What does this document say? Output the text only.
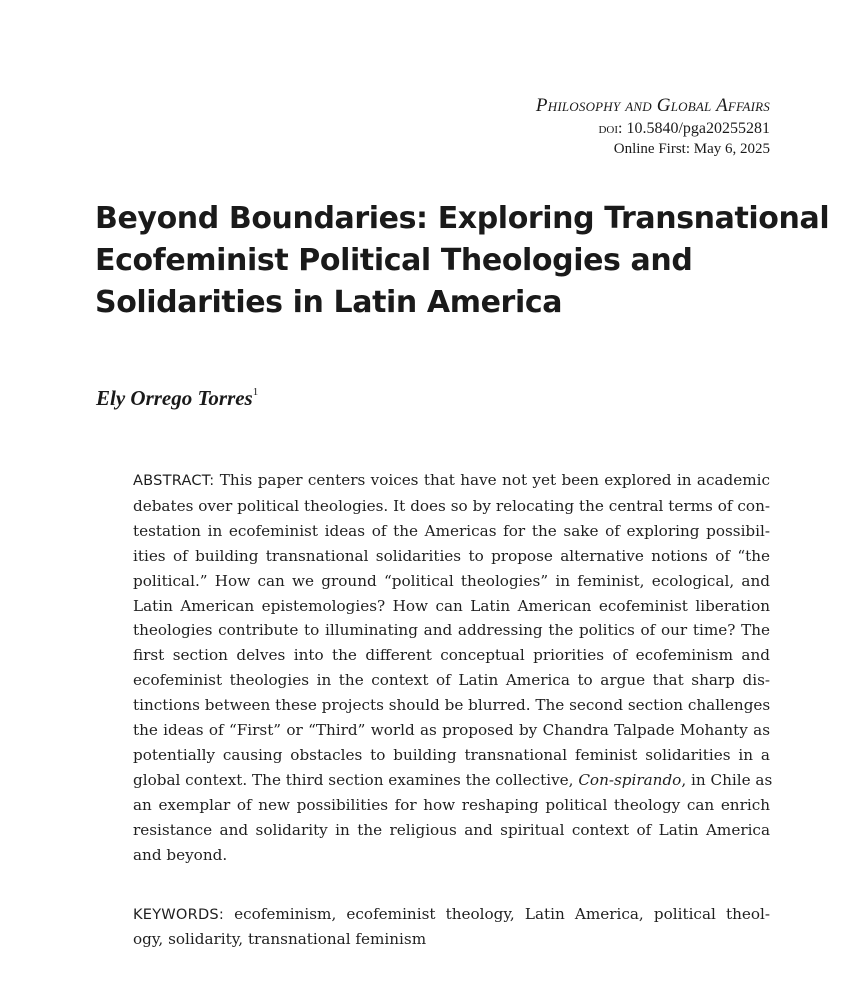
Philosophy and Global Affairs
doi: 10.5840/pga20255281
Online First: May 6, 2025
Beyond Boundaries: Exploring Transnational
Ecofeminist Political Theologies and
Solidarities in Latin America
Ely Orrego Torres$^1$
ABSTRACT: This paper centers voices that have not yet been explored in academic
debates over political theologies. It does so by relocating the central terms of con-
testation in ecofeminist ideas of the Americas for the sake of exploring possibil-
ities of building transnational solidarities to propose alternative notions of “the
political.” How can we ground “political theologies” in feminist, ecological, and
Latin American epistemologies? How can Latin American ecofeminist liberation
theologies contribute to illuminating and addressing the politics of our time? The
first section delves into the different conceptual priorities of ecofeminism and
ecofeminist theologies in the context of Latin America to argue that sharp dis-
tinctions between these projects should be blurred. The second section challenges
the ideas of “First” or “Third” world as proposed by Chandra Talpade Mohanty as
potentially causing obstacles to building transnational feminist solidarities in a
global context. The third section examines the collective, Con-spirando, in Chile as
an exemplar of new possibilities for how reshaping political theology can enrich
resistance and solidarity in the religious and spiritual context of Latin America
and beyond.
KEYWORDS: ecofeminism, ecofeminist theology, Latin America, political theol-
ogy, solidarity, transnational feminism
